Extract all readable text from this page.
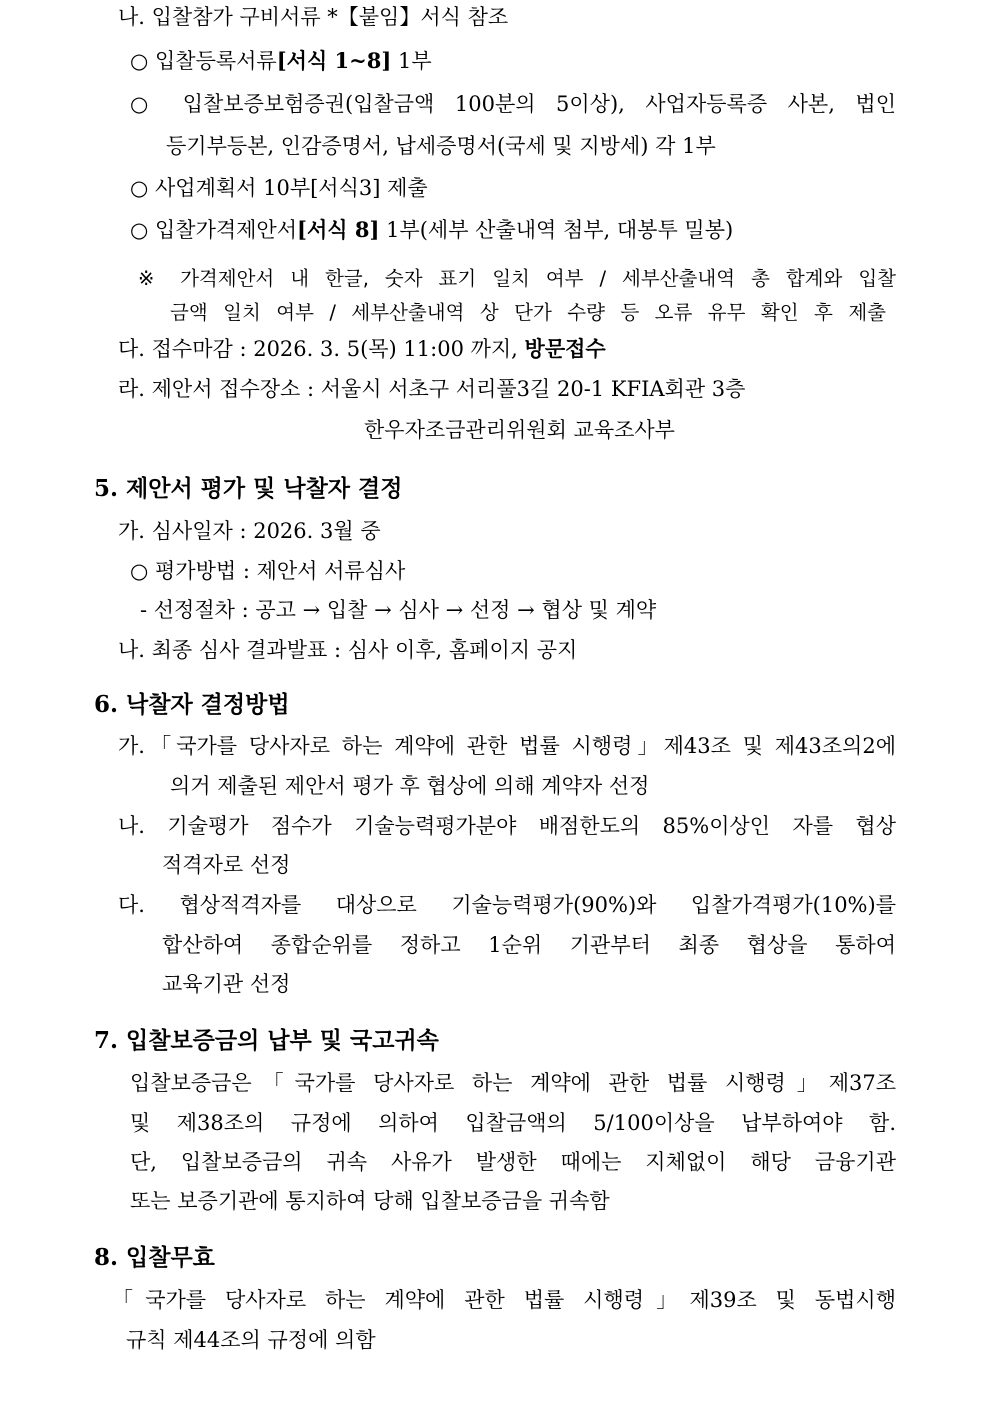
나. 입찰참가 구비서류 *【붙임】서식 참조
○ 입찰등록서류[서식 1~8] 1부
○ 입찰보증보험증권(입찰금액 100분의 5이상), 사업자등록증 사본, 법인
등기부등본, 인감증명서, 납세증명서(국세 및 지방세) 각 1부
○ 사업계획서 10부[서식3] 제출
○ 입찰가격제안서[서식 8] 1부(세부 산출내역 첨부, 대봉투 밀봉)
※ 가격제안서 내 한글, 숫자 표기 일치 여부 / 세부산출내역 총 합계와 입찰
금액 일치 여부 / 세부산출내역 상 단가 수량 등 오류 유무 확인 후 제출
다. 접수마감 : 2026. 3. 5(목) 11:00 까지, 방문접수
라. 제안서 접수장소 : 서울시 서초구 서리풀3길 20-1 KFIA회관 3층
한우자조금관리위원회 교육조사부
5. 제안서 평가 및 낙찰자 결정
가. 심사일자 : 2026. 3월 중
○ 평가방법 : 제안서 서류심사
- 선정절차 : 공고 → 입찰 → 심사 → 선정 → 협상 및 계약
나. 최종 심사 결과발표 : 심사 이후, 홈페이지 공지
6. 낙찰자 결정방법
가.「국가를 당사자로 하는 계약에 관한 법률 시행령」제43조 및 제43조의2에
의거 제출된 제안서 평가 후 협상에 의해 계약자 선정
나. 기술평가 점수가 기술능력평가분야 배점한도의 85%이상인 자를 협상
적격자로 선정
다. 협상적격자를 대상으로 기술능력평가(90%)와 입찰가격평가(10%)를
합산하여 종합순위를 정하고 1순위 기관부터 최종 협상을 통하여
교육기관 선정
7. 입찰보증금의 납부 및 국고귀속
입찰보증금은「국가를 당사자로 하는 계약에 관한 법률 시행령」제37조
및 제38조의 규정에 의하여 입찰금액의 5/100이상을 납부하여야 함.
단, 입찰보증금의 귀속 사유가 발생한 때에는 지체없이 해당 금융기관
또는 보증기관에 통지하여 당해 입찰보증금을 귀속함
8. 입찰무효
「국가를 당사자로 하는 계약에 관한 법률 시행령」제39조 및 동법시행
규칙 제44조의 규정에 의함
